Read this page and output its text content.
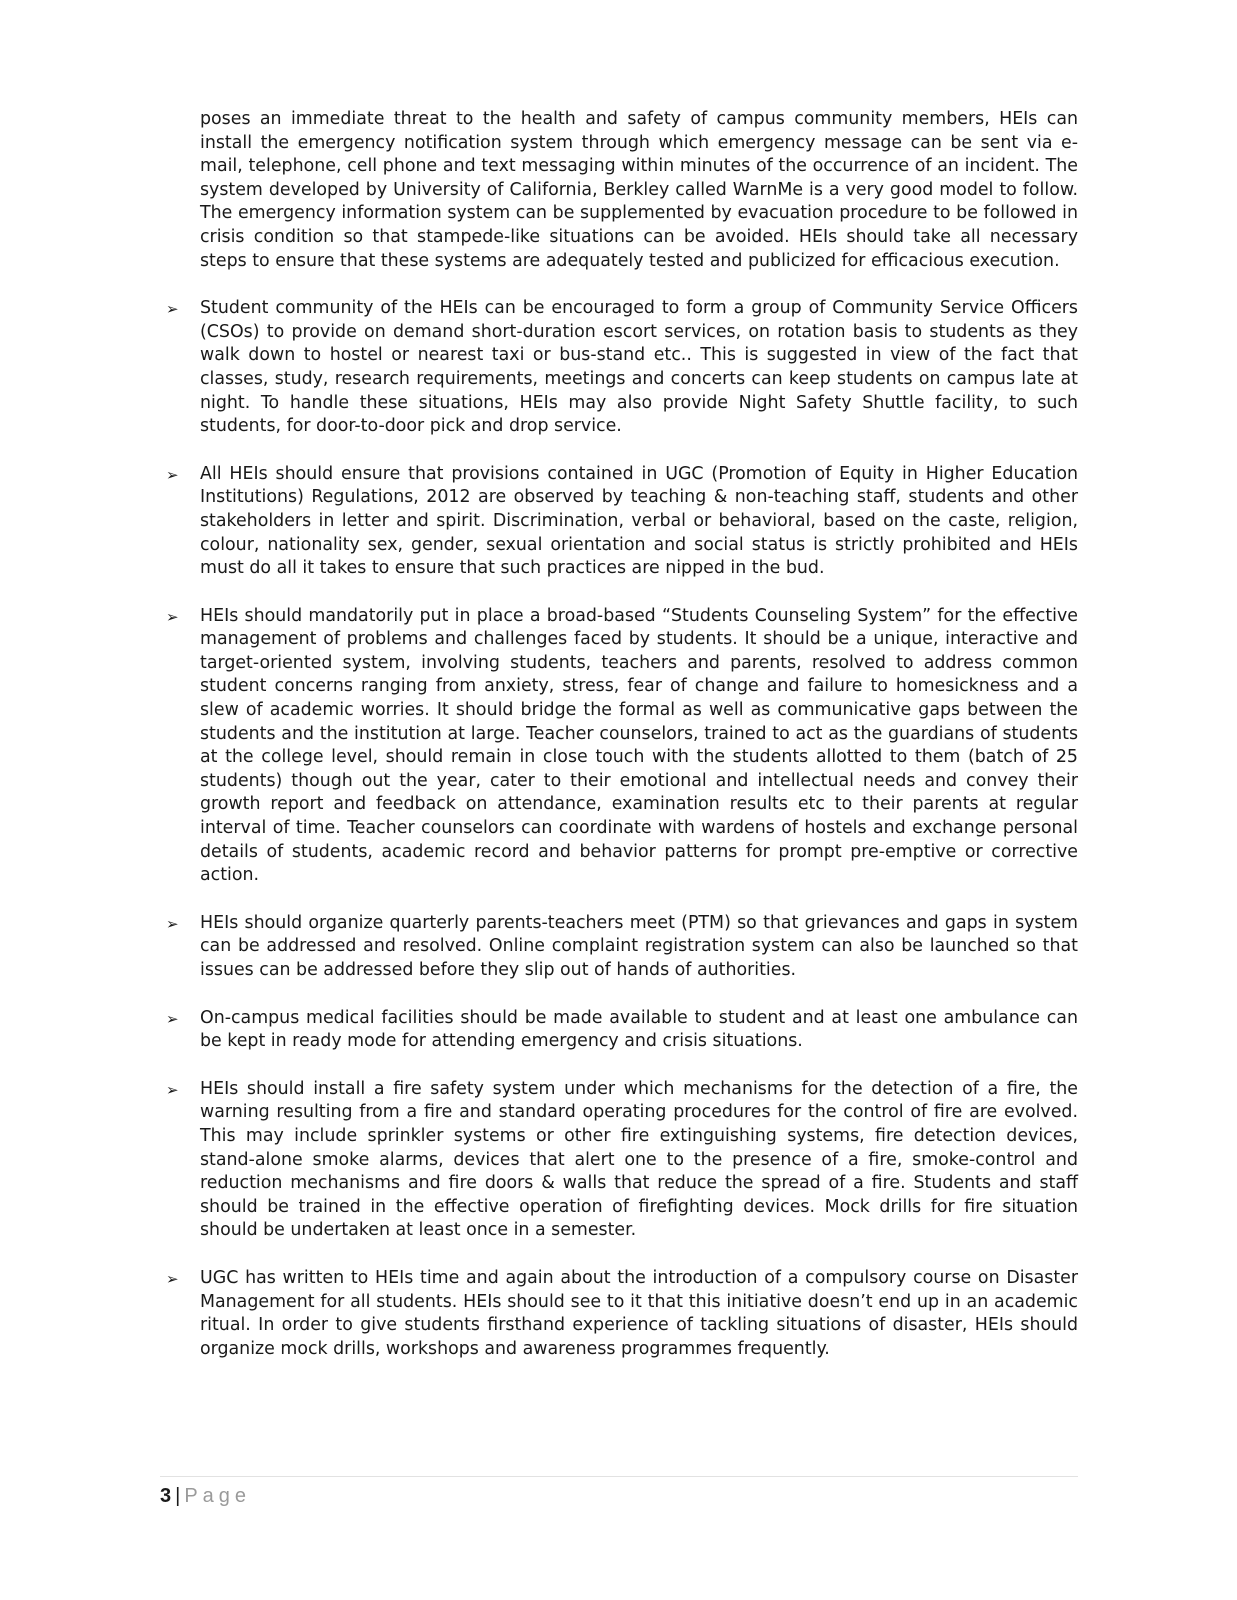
poses an immediate threat to the health and safety of campus community members, HEIs can install the emergency notification system through which emergency message can be sent via e-mail, telephone, cell phone and text messaging within minutes of the occurrence of an incident. The system developed by University of California, Berkley called WarnMe is a very good model to follow. The emergency information system can be supplemented by evacuation procedure to be followed in crisis condition so that stampede-like situations can be avoided. HEIs should take all necessary steps to ensure that these systems are adequately tested and publicized for efficacious execution.

➢ Student community of the HEIs can be encouraged to form a group of Community Service Officers (CSOs) to provide on demand short-duration escort services, on rotation basis to students as they walk down to hostel or nearest taxi or bus-stand etc.. This is suggested in view of the fact that classes, study, research requirements, meetings and concerts can keep students on campus late at night. To handle these situations, HEIs may also provide Night Safety Shuttle facility, to such students, for door-to-door pick and drop service.

➢ All HEIs should ensure that provisions contained in UGC (Promotion of Equity in Higher Education Institutions) Regulations, 2012 are observed by teaching & non-teaching staff, students and other stakeholders in letter and spirit. Discrimination, verbal or behavioral, based on the caste, religion, colour, nationality sex, gender, sexual orientation and social status is strictly prohibited and HEIs must do all it takes to ensure that such practices are nipped in the bud.

➢ HEIs should mandatorily put in place a broad-based “Students Counseling System” for the effective management of problems and challenges faced by students. It should be a unique, interactive and target-oriented system, involving students, teachers and parents, resolved to address common student concerns ranging from anxiety, stress, fear of change and failure to homesickness and a slew of academic worries. It should bridge the formal as well as communicative gaps between the students and the institution at large. Teacher counselors, trained to act as the guardians of students at the college level, should remain in close touch with the students allotted to them (batch of 25 students) though out the year, cater to their emotional and intellectual needs and convey their growth report and feedback on attendance, examination results etc to their parents at regular interval of time. Teacher counselors can coordinate with wardens of hostels and exchange personal details of students, academic record and behavior patterns for prompt pre-emptive or corrective action.

➢ HEIs should organize quarterly parents-teachers meet (PTM) so that grievances and gaps in system can be addressed and resolved. Online complaint registration system can also be launched so that issues can be addressed before they slip out of hands of authorities.

➢ On-campus medical facilities should be made available to student and at least one ambulance can be kept in ready mode for attending emergency and crisis situations.

➢ HEIs should install a fire safety system under which mechanisms for the detection of a fire, the warning resulting from a fire and standard operating procedures for the control of fire are evolved. This may include sprinkler systems or other fire extinguishing systems, fire detection devices, stand-alone smoke alarms, devices that alert one to the presence of a fire, smoke-control and reduction mechanisms and fire doors & walls that reduce the spread of a fire. Students and staff should be trained in the effective operation of firefighting devices. Mock drills for fire situation should be undertaken at least once in a semester.

➢ UGC has written to HEIs time and again about the introduction of a compulsory course on Disaster Management for all students. HEIs should see to it that this initiative doesn’t end up in an academic ritual. In order to give students firsthand experience of tackling situations of disaster, HEIs should organize mock drills, workshops and awareness programmes frequently.

3 | Page
